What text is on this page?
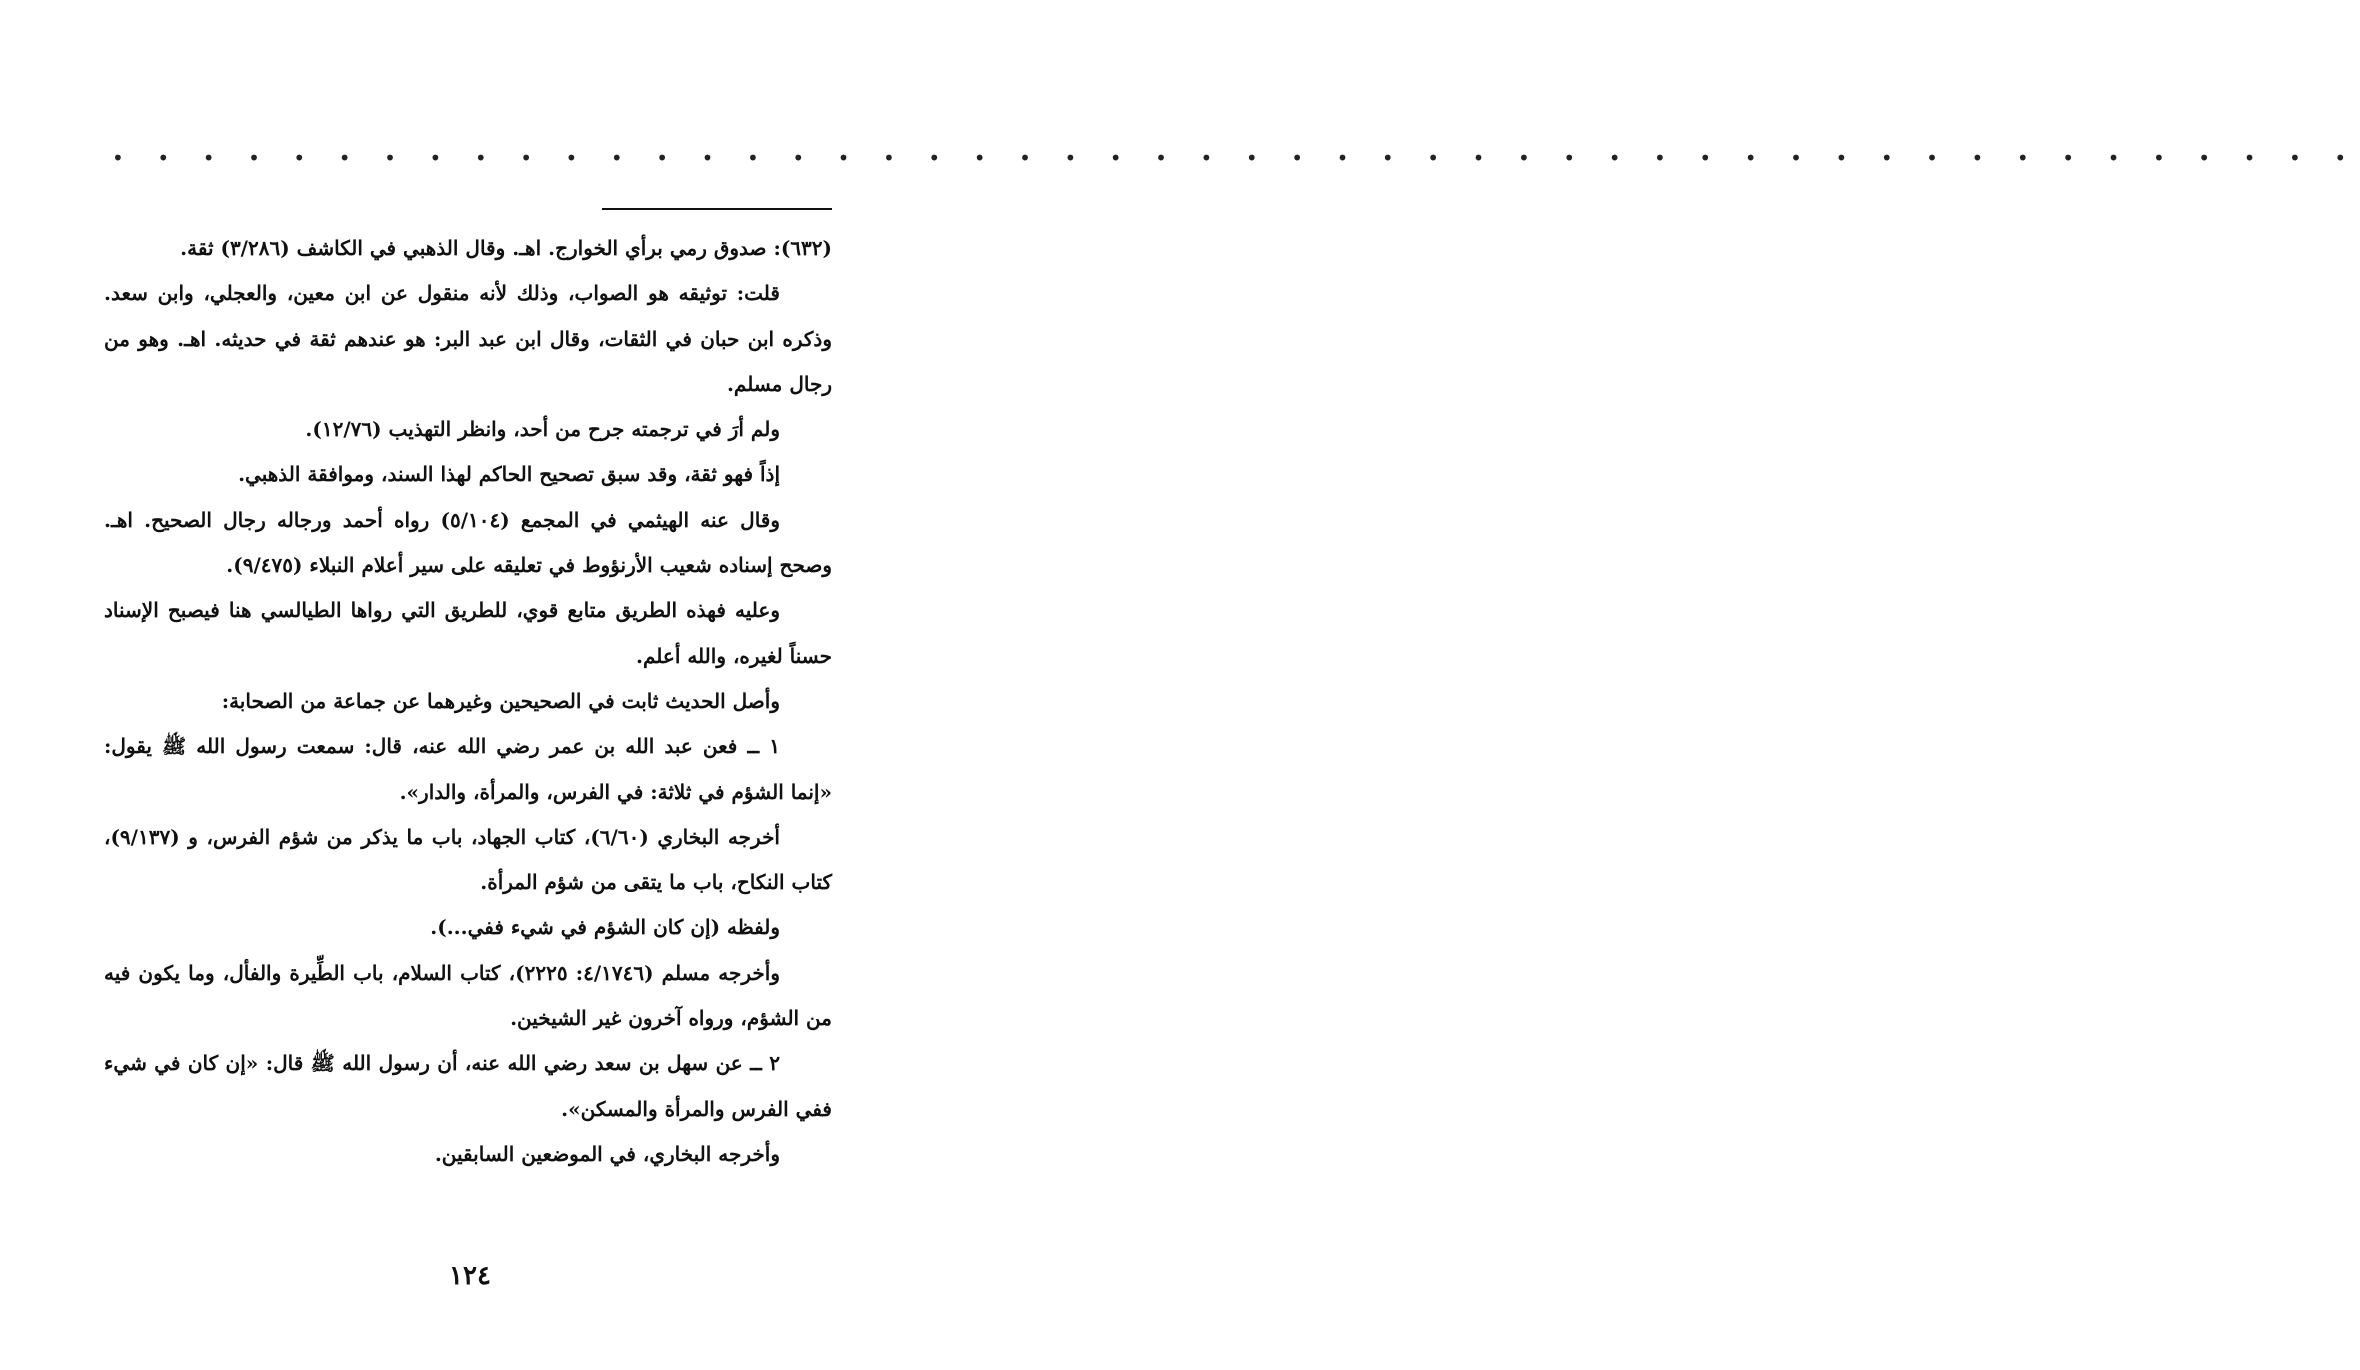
• • • • • • • • • • • • • • • • • • • • • • • • • • • • • • • • • • • • • • • • • • • • • • • • • •

(٦٣٢): صدوق رمي برأي الخوارج. اهـ. وقال الذهبي في الكاشف (٣/٢٨٦) ثقة.

قلت: توثيقه هو الصواب، وذلك لأنه منقول عن ابن معين، والعجلي، وابن سعد. وذكره ابن حبان في الثقات، وقال ابن عبد البر: هو عندهم ثقة في حديثه. اهـ. وهو من رجال مسلم.

ولم أرَ في ترجمته جرح من أحد، وانظر التهذيب (١٢/٧٦).

إذاً فهو ثقة، وقد سبق تصحيح الحاكم لهذا السند، وموافقة الذهبي.

وقال عنه الهيثمي في المجمع (٥/١٠٤) رواه أحمد ورجاله رجال الصحيح. اهـ. وصحح إسناده شعيب الأرنؤوط في تعليقه على سير أعلام النبلاء (٩/٤٧٥).

وعليه فهذه الطريق متابع قوي، للطريق التي رواها الطيالسي هنا فيصبح الإسناد حسناً لغيره، والله أعلم.

وأصل الحديث ثابت في الصحيحين وغيرهما عن جماعة من الصحابة:

١ ــ فعن عبد الله بن عمر رضي الله عنه، قال: سمعت رسول الله ﷺ يقول: «إنما الشؤم في ثلاثة: في الفرس، والمرأة، والدار».

أخرجه البخاري (٦/٦٠)، كتاب الجهاد، باب ما يذكر من شؤم الفرس، و (٩/١٣٧)، كتاب النكاح، باب ما يتقى من شؤم المرأة.

ولفظه (إن كان الشؤم في شيء ففي...).

وأخرجه مسلم (٤/١٧٤٦: ٢٢٢٥)، كتاب السلام، باب الطِّيرة والفأل، وما يكون فيه من الشؤم، ورواه آخرون غير الشيخين.

٢ ــ عن سهل بن سعد رضي الله عنه، أن رسول الله ﷺ قال: «إن كان في شيء ففي الفرس والمرأة والمسكن».

وأخرجه البخاري، في الموضعين السابقين.

١٢٤
